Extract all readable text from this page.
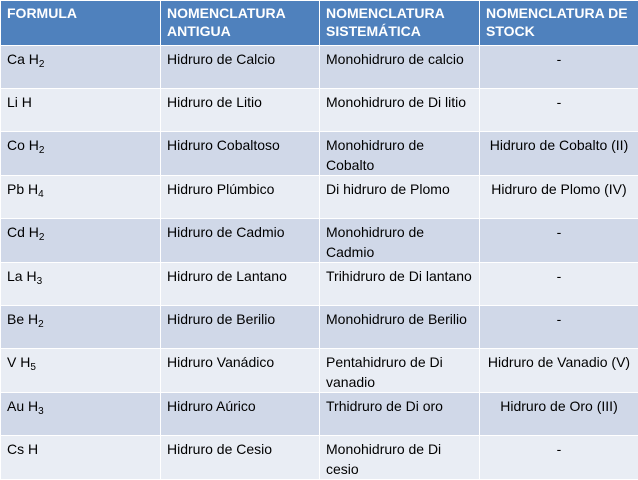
FORMULA	NOMENCLATURA ANTIGUA	NOMENCLATURA SISTEMÁTICA	NOMENCLATURA DE STOCK
Ca $H_2$	Hidruro de Calcio	Monohidruro de calcio	-
Li H	Hidruro de Litio	Monohidruro de Di litio	-
Co $H_2$	Hidruro Cobaltoso	Monohidruro de Cobalto	Hidruro de Cobalto (II)
Pb $H_4$	Hidruro Plúmbico	Di hidruro de Plomo	Hidruro de Plomo (IV)
Cd $H_2$	Hidruro de Cadmio	Monohidruro de Cadmio	-
La $H_3$	Hidruro de Lantano	Trihidruro de Di lantano	-
Be $H_2$	Hidruro de Berilio	Monohidruro de Berilio	-
V $H_5$	Hidruro Vanádico	Pentahidruro de Di vanadio	Hidruro de Vanadio (V)
Au $H_3$	Hidruro Aúrico	Trhidruro de Di oro	Hidruro de Oro (III)
Cs H	Hidruro de Cesio	Monohidruro de Di cesio	-
